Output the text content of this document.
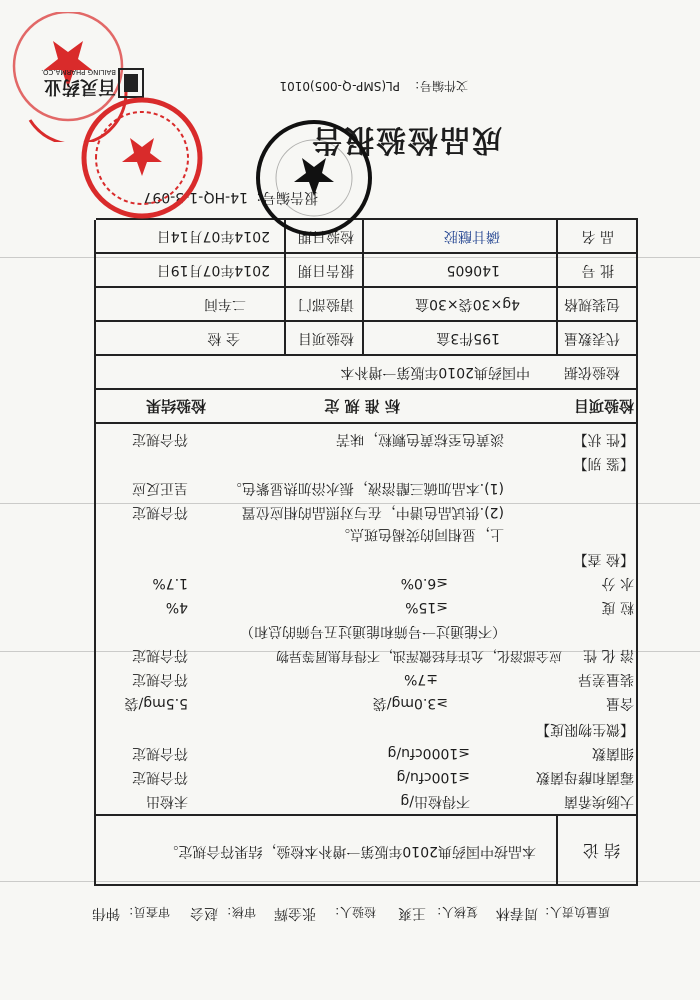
百灵药业
BAILING PHARMA.CO.
文件编号：
PL(SMP-Q-005)0101
成品检验报告
报告编号：
14-HQ-1-3-097
品 名
磷甘醚胶
检验日期
2014年07月14日
批 号
140605
报告日期
2014年07月19日
包装规格
4g×30袋×30盒
请验部门
二车间
代表数量
195件3盒
检验项目
全 检
检验依据
中国药典2010年版第一增补本
检验项目
标 准 规 定
检验结果
【性 状】
淡黄色至棕黄色颗粒，味苦
符合规定
【鉴 别】
(1).本品加硫三醋溶液，振水浴加热显紫色。
呈正反应
(2).供试品色谱中，在与对照品的相应位置
符合规定
上，显相同的荧褐色斑点。
【检 查】
水 分
≤6.0%
1.7%
粒 度
≤15%
4%
（不能通过一号筛和能通过五号筛的总和）
溶 化 性
应全部溶化，允许有轻微浑浊，不得有焦屑等异物
符合规定
装量差异
±7%
符合规定
含量
≥3.0mg/袋
5.5mg/袋
【微生物限度】
细菌数
≤1000cfu/g
符合规定
霉菌和酵母菌数
≤100cfu/g
符合规定
大肠埃希菌
不得检出/g
未检出
结 论
本品按中国药典2010年版第一增补本检验，结果符合规定。
质量负责人：
周春林
复核人：
王爽
检验人：
张金辉
审核：
赵会
审查员：
钟伟
